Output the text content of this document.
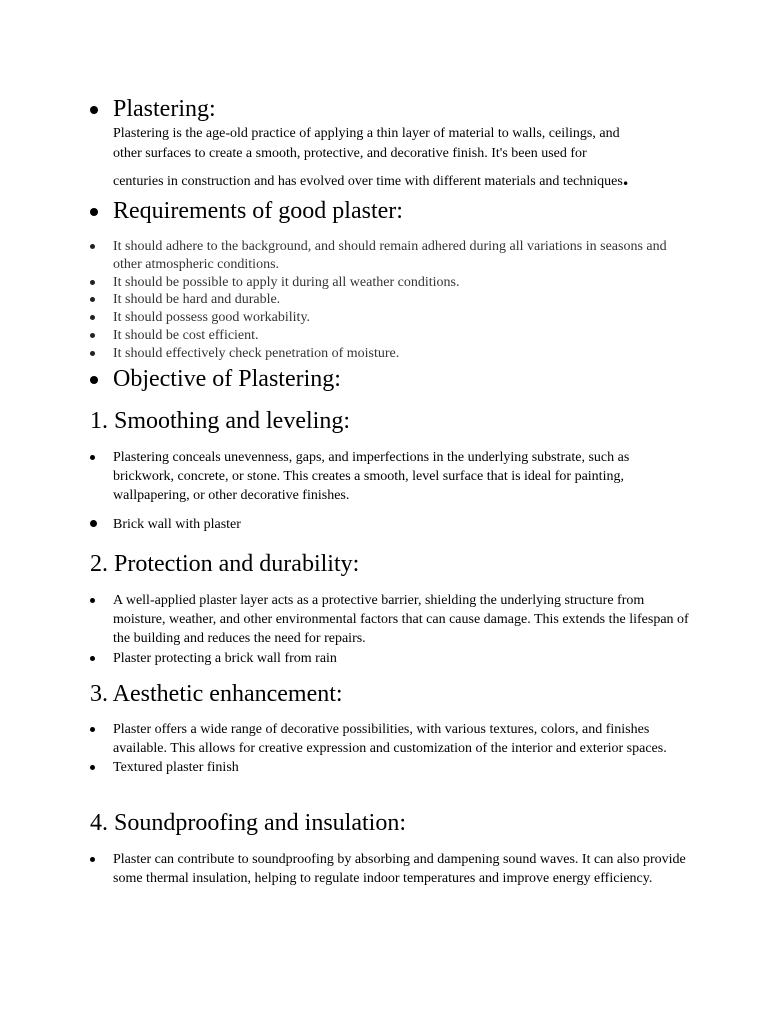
Plastering:
Plastering is the age-old practice of applying a thin layer of material to walls, ceilings, and
other surfaces to create a smooth, protective, and decorative finish. It's been used for
centuries in construction and has evolved over time with different materials and techniques.
Requirements of good plaster:
It should adhere to the background, and should remain adhered during all variations in seasons and other atmospheric conditions.
It should be possible to apply it during all weather conditions.
It should be hard and durable.
It should possess good workability.
It should be cost efficient.
It should effectively check penetration of moisture.
Objective of Plastering:
1. Smoothing and leveling:
Plastering conceals unevenness, gaps, and imperfections in the underlying substrate, such as brickwork, concrete, or stone. This creates a smooth, level surface that is ideal for painting, wallpapering, or other decorative finishes.
Brick wall with plaster
2. Protection and durability:
A well-applied plaster layer acts as a protective barrier, shielding the underlying structure from moisture, weather, and other environmental factors that can cause damage. This extends the lifespan of the building and reduces the need for repairs.
Plaster protecting a brick wall from rain
3. Aesthetic enhancement:
Plaster offers a wide range of decorative possibilities, with various textures, colors, and finishes available. This allows for creative expression and customization of the interior and exterior spaces.
Textured plaster finish
4. Soundproofing and insulation:
Plaster can contribute to soundproofing by absorbing and dampening sound waves. It can also provide some thermal insulation, helping to regulate indoor temperatures and improve energy efficiency.
